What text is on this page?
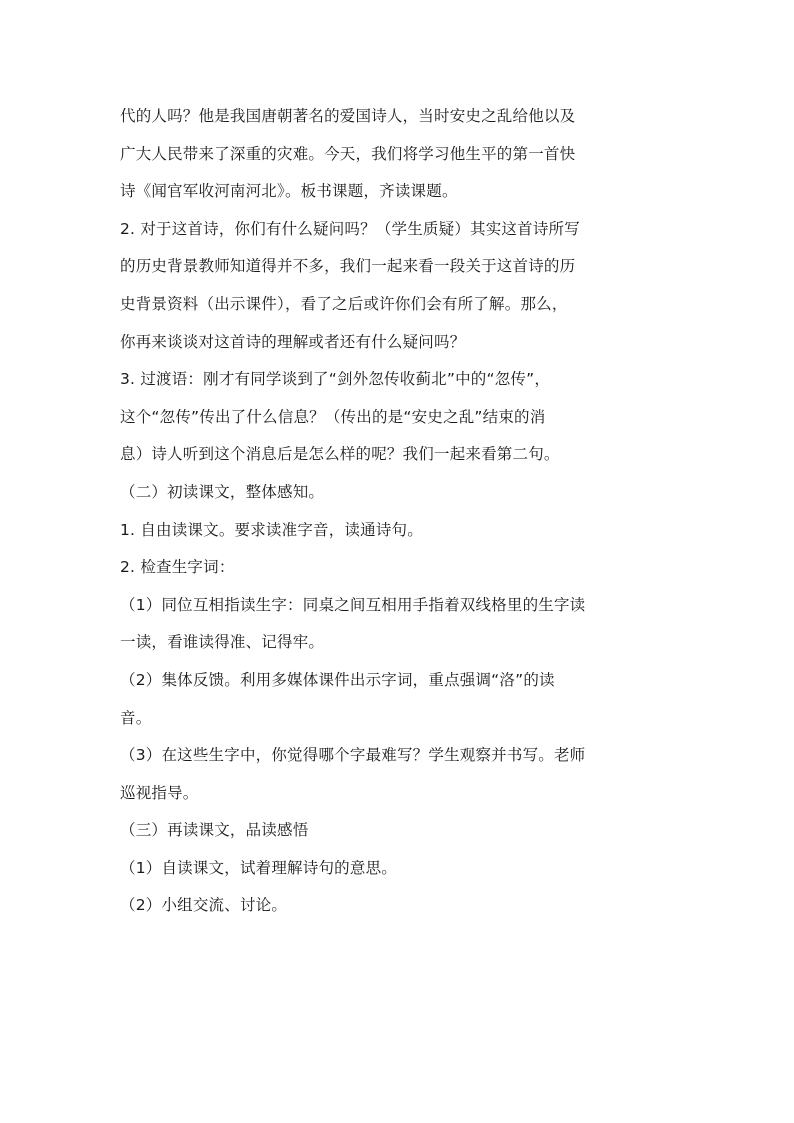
代的人吗？他是我国唐朝著名的爱国诗人，当时安史之乱给他以及
广大人民带来了深重的灾难。今天，我们将学习他生平的第一首快
诗《闻官军收河南河北》。板书课题，齐读课题。
2. 对于这首诗，你们有什么疑问吗？（学生质疑）其实这首诗所写
的历史背景教师知道得并不多，我们一起来看一段关于这首诗的历
史背景资料（出示课件），看了之后或许你们会有所了解。那么，
你再来谈谈对这首诗的理解或者还有什么疑问吗？
3. 过渡语：刚才有同学谈到了“剑外忽传收蓟北”中的“忽传”，
这个“忽传”传出了什么信息？（传出的是“安史之乱”结束的消
息）诗人听到这个消息后是怎么样的呢？我们一起来看第二句。
（二）初读课文，整体感知。
1. 自由读课文。要求读准字音，读通诗句。
2. 检查生字词：
（1）同位互相指读生字：同桌之间互相用手指着双线格里的生字读
一读，看谁读得准、记得牢。
（2）集体反馈。利用多媒体课件出示字词，重点强调“洛”的读
音。
（3）在这些生字中，你觉得哪个字最难写？学生观察并书写。老师
巡视指导。
（三）再读课文，品读感悟
（1）自读课文，试着理解诗句的意思。
（2）小组交流、讨论。
